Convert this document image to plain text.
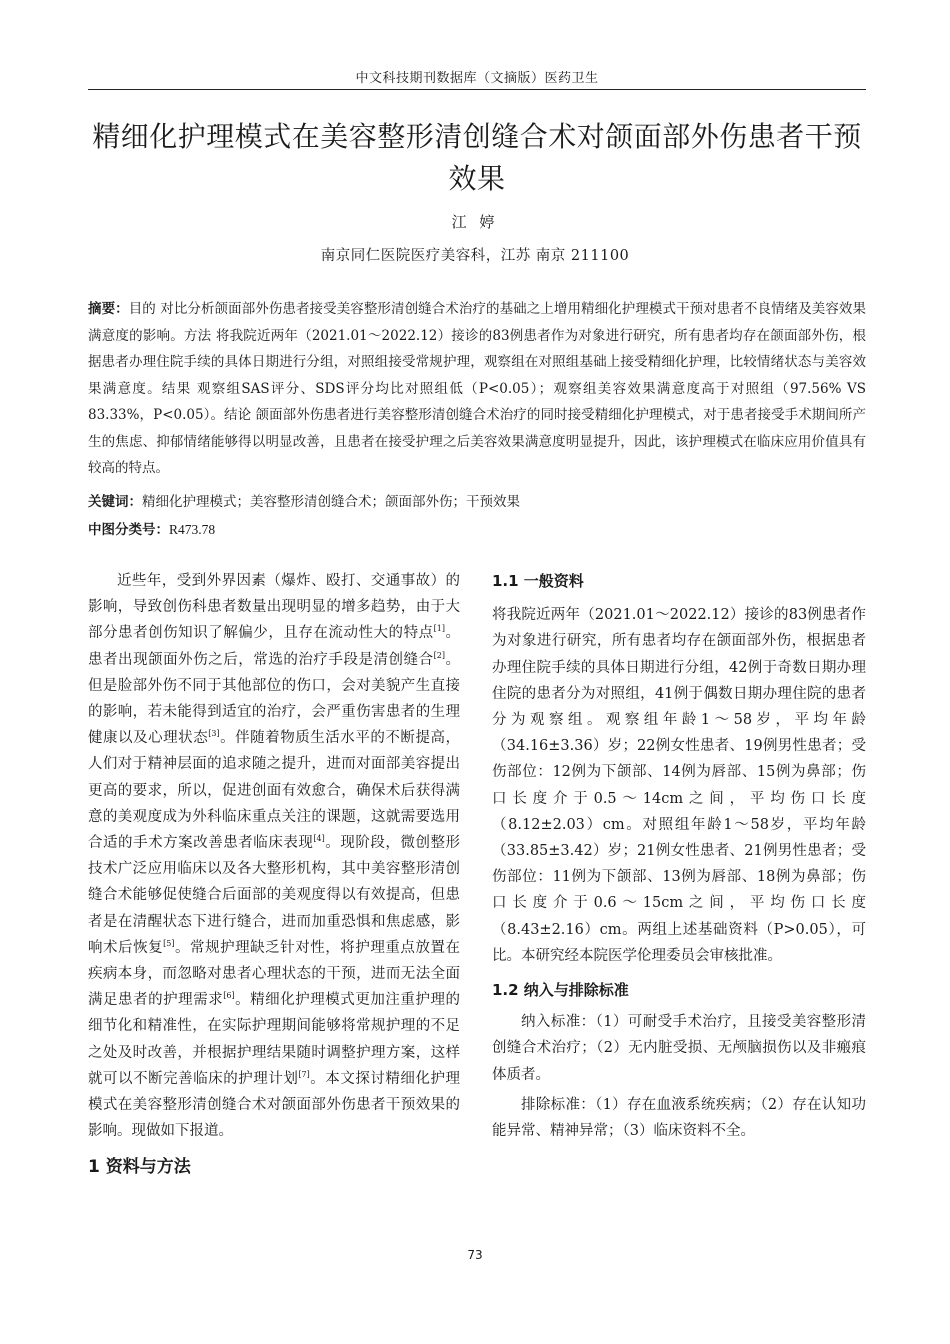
中文科技期刊数据库（文摘版）医药卫生
精细化护理模式在美容整形清创缝合术对颌面部外伤患者干预效果
江 婷
南京同仁医院医疗美容科，江苏 南京 211100
摘要：目的 对比分析颌面部外伤患者接受美容整形清创缝合术治疗的基础之上增用精细化护理模式干预对患者不良情绪及美容效果满意度的影响。方法 将我院近两年（2021.01～2022.12）接诊的83例患者作为对象进行研究，所有患者均存在颌面部外伤，根据患者办理住院手续的具体日期进行分组，对照组接受常规护理，观察组在对照组基础上接受精细化护理，比较情绪状态与美容效果满意度。结果 观察组SAS评分、SDS评分均比对照组低（P<0.05）；观察组美容效果满意度高于对照组（97.56% VS 83.33%，P<0.05）。结论 颌面部外伤患者进行美容整形清创缝合术治疗的同时接受精细化护理模式，对于患者接受手术期间所产生的焦虑、抑郁情绪能够得以明显改善，且患者在接受护理之后美容效果满意度明显提升，因此，该护理模式在临床应用价值具有较高的特点。
关键词：精细化护理模式；美容整形清创缝合术；颌面部外伤；干预效果
中图分类号：R473.78

近些年，受到外界因素（爆炸、殴打、交通事故）的影响，导致创伤科患者数量出现明显的增多趋势，由于大部分患者创伤知识了解偏少，且存在流动性大的特点[1]。患者出现颌面外伤之后，常选的治疗手段是清创缝合[2]。但是脸部外伤不同于其他部位的伤口，会对美貌产生直接的影响，若未能得到适宜的治疗，会严重伤害患者的生理健康以及心理状态[3]。伴随着物质生活水平的不断提高，人们对于精神层面的追求随之提升，进而对面部美容提出更高的要求，所以，促进创面有效愈合，确保术后获得满意的美观度成为外科临床重点关注的课题，这就需要选用合适的手术方案改善患者临床表现[4]。现阶段，微创整形技术广泛应用临床以及各大整形机构，其中美容整形清创缝合术能够促使缝合后面部的美观度得以有效提高，但患者是在清醒状态下进行缝合，进而加重恐惧和焦虑感，影响术后恢复[5]。常规护理缺乏针对性，将护理重点放置在疾病本身，而忽略对患者心理状态的干预，进而无法全面满足患者的护理需求[6]。精细化护理模式更加注重护理的细节化和精准性，在实际护理期间能够将常规护理的不足之处及时改善，并根据护理结果随时调整护理方案，这样就可以不断完善临床的护理计划[7]。本文探讨精细化护理模式在美容整形清创缝合术对颌面部外伤患者干预效果的影响。现做如下报道。

1 资料与方法
1.1 一般资料

将我院近两年（2021.01～2022.12）接诊的83例患者作为对象进行研究，所有患者均存在颌面部外伤，根据患者办理住院手续的具体日期进行分组，42例于奇数日期办理住院的患者分为对照组，41例于偶数日期办理住院的患者分为观察组。观察组年龄1～58岁，平均年龄（34.16±3.36）岁；22例女性患者、19例男性患者；受伤部位：12例为下颌部、14例为唇部、15例为鼻部；伤口长度介于0.5～14cm之间，平均伤口长度（8.12±2.03）cm。对照组年龄1～58岁，平均年龄（33.85±3.42）岁；21例女性患者、21例男性患者；受伤部位：11例为下颌部、13例为唇部、18例为鼻部；伤口长度介于0.6～15cm之间，平均伤口长度（8.43±2.16）cm。两组上述基础资料（P>0.05），可比。本研究经本院医学伦理委员会审核批准。

1.2 纳入与排除标准

纳入标准：（1）可耐受手术治疗，且接受美容整形清创缝合术治疗；（2）无内脏受损、无颅脑损伤以及非瘢痕体质者。

排除标准：（1）存在血液系统疾病；（2）存在认知功能异常、精神异常；（3）临床资料不全。

73
